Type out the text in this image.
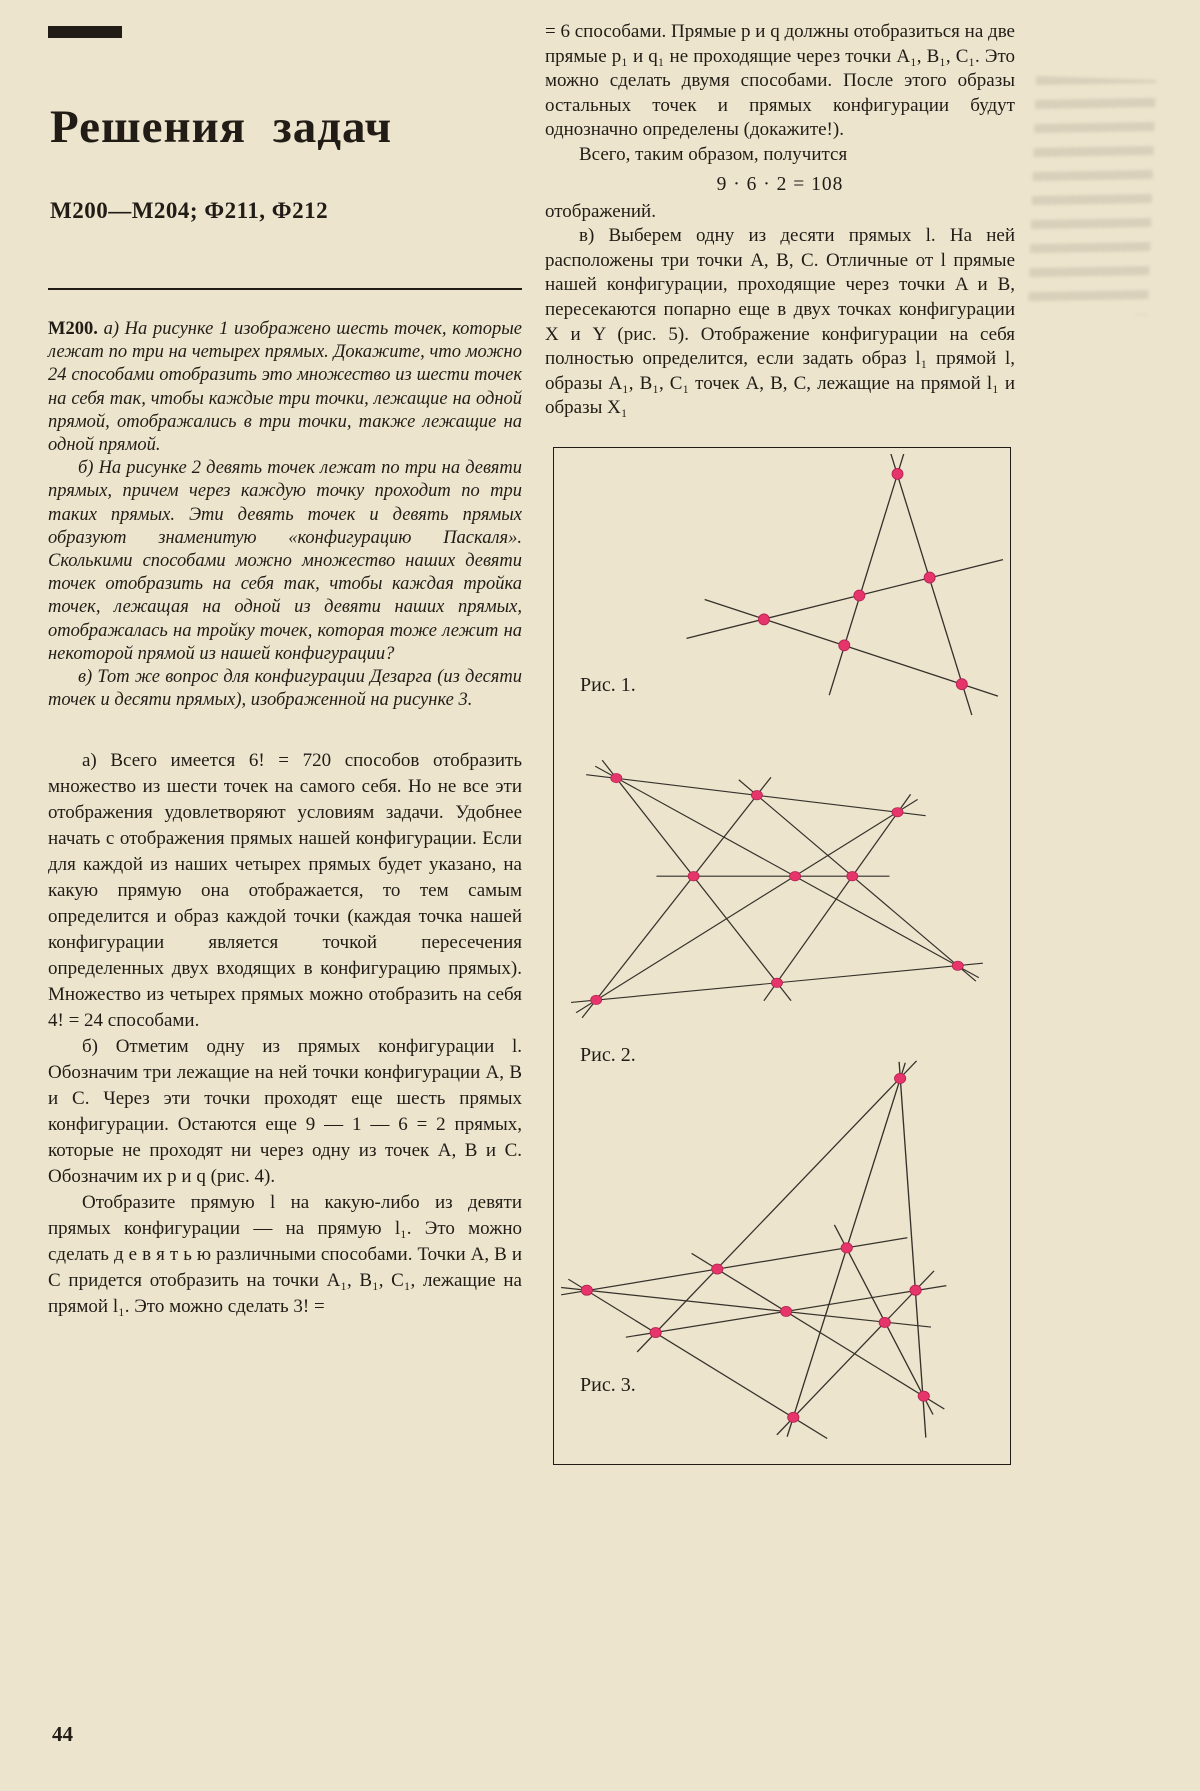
Решения задач
М200—М204; Ф211, Ф212

М200. а) На рисунке 1 изображено шесть точек, которые лежат по три на четырех прямых. Докажите, что можно 24 способами отобразить это множество из шести точек на себя так, чтобы каждые три точки, лежащие на одной прямой, отображались в три точки, также лежащие на одной прямой.

б) На рисунке 2 девять точек лежат по три на девяти прямых, причем через каждую точку проходит по три таких прямых. Эти девять точек и девять прямых образуют знаменитую «конфигурацию Паскаля». Сколькими способами можно множество наших девяти точек отобразить на себя так, чтобы каждая тройка точек, лежащая на одной из девяти наших прямых, отображалась на тройку точек, которая тоже лежит на некоторой прямой из нашей конфигурации?

в) Тот же вопрос для конфигурации Дезарга (из десяти точек и десяти прямых), изображенной на рисунке 3.

а) Всего имеется 6! = 720 способов отобразить множество из шести точек на самого себя. Но не все эти отображения удовлетворяют условиям задачи. Удобнее начать с отображения прямых нашей конфигурации. Если для каждой из наших четырех прямых будет указано, на какую прямую она отображается, то тем самым определится и образ каждой точки (каждая точка нашей конфигурации является точкой пересечения определенных двух входящих в конфигурацию прямых). Множество из четырех прямых можно отобразить на себя 4! = 24 способами.

б) Отметим одну из прямых конфигурации l. Обозначим три лежащие на ней точки конфигурации A, B и C. Через эти точки проходят еще шесть прямых конфигурации. Остаются еще 9 — 1 — 6 = 2 прямых, которые не проходят ни через одну из точек A, B и C. Обозначим их p и q (рис. 4).

Отобразите прямую l на какую-либо из девяти прямых конфигурации — на прямую l₁. Это можно сделать д е в я т ь ю различными способами. Точки A, B и C придется отобразить на точки A₁, B₁, C₁, лежащие на прямой l₁. Это можно сделать 3! =

= 6 способами. Прямые p и q должны отобразиться на две прямые p₁ и q₁ не проходящие через точки A₁, B₁, C₁. Это можно сделать двумя способами. После этого образы остальных точек и прямых конфигурации будут однозначно определены (докажите!).

Всего, таким образом, получится

9 · 6 · 2 = 108

отображений.

в) Выберем одну из десяти прямых l. На ней расположены три точки A, B, C. Отличные от l прямые нашей конфигурации, проходящие через точки A и B, пересекаются попарно еще в двух точках конфигурации X и Y (рис. 5). Отображение конфигурации на себя полностью определится, если задать образ l₁ прямой l, образы A₁, B₁, C₁ точек A, B, C, лежащие на прямой l₁ и образы X₁

Рис. 1.
Рис. 2.
Рис. 3.
44
